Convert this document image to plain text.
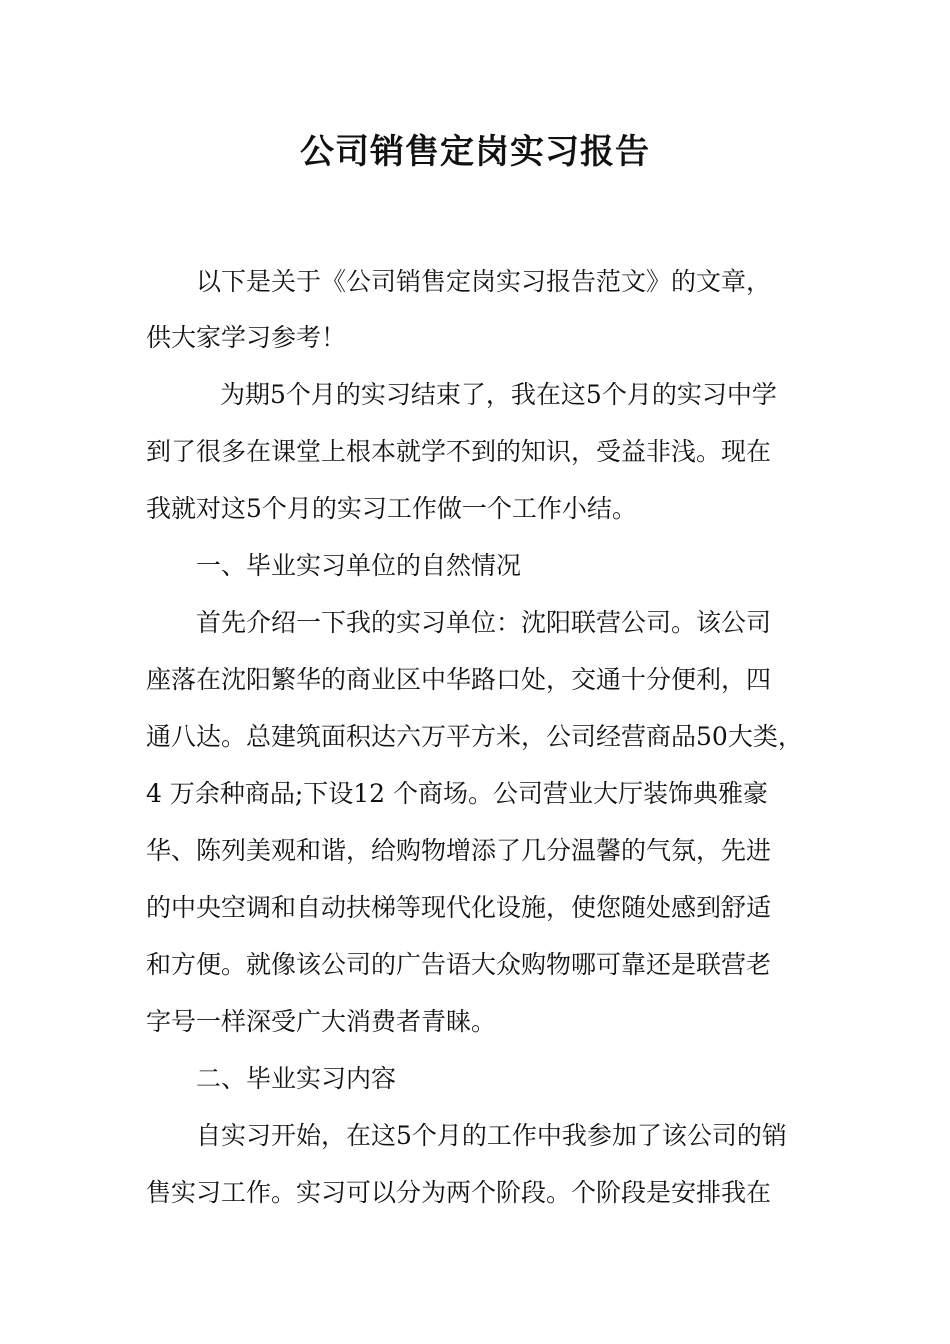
公司销售定岗实习报告

以下是关于《公司销售定岗实习报告范文》的文章，

供大家学习参考！

为期5个月的实习结束了，我在这5个月的实习中学

到了很多在课堂上根本就学不到的知识，受益非浅。现在

我就对这5个月的实习工作做一个工作小结。

一、毕业实习单位的自然情况

首先介绍一下我的实习单位：沈阳联营公司。该公司

座落在沈阳繁华的商业区中华路口处，交通十分便利，四

通八达。总建筑面积达六万平方米，公司经营商品50大类，

4 万余种商品;下设12 个商场。公司营业大厅装饰典雅豪

华、陈列美观和谐，给购物增添了几分温馨的气氛，先进

的中央空调和自动扶梯等现代化设施，使您随处感到舒适

和方便。就像该公司的广告语大众购物哪可靠还是联营老

字号一样深受广大消费者青睐。

二、毕业实习内容

自实习开始，在这5个月的工作中我参加了该公司的销

售实习工作。实习可以分为两个阶段。个阶段是安排我在
